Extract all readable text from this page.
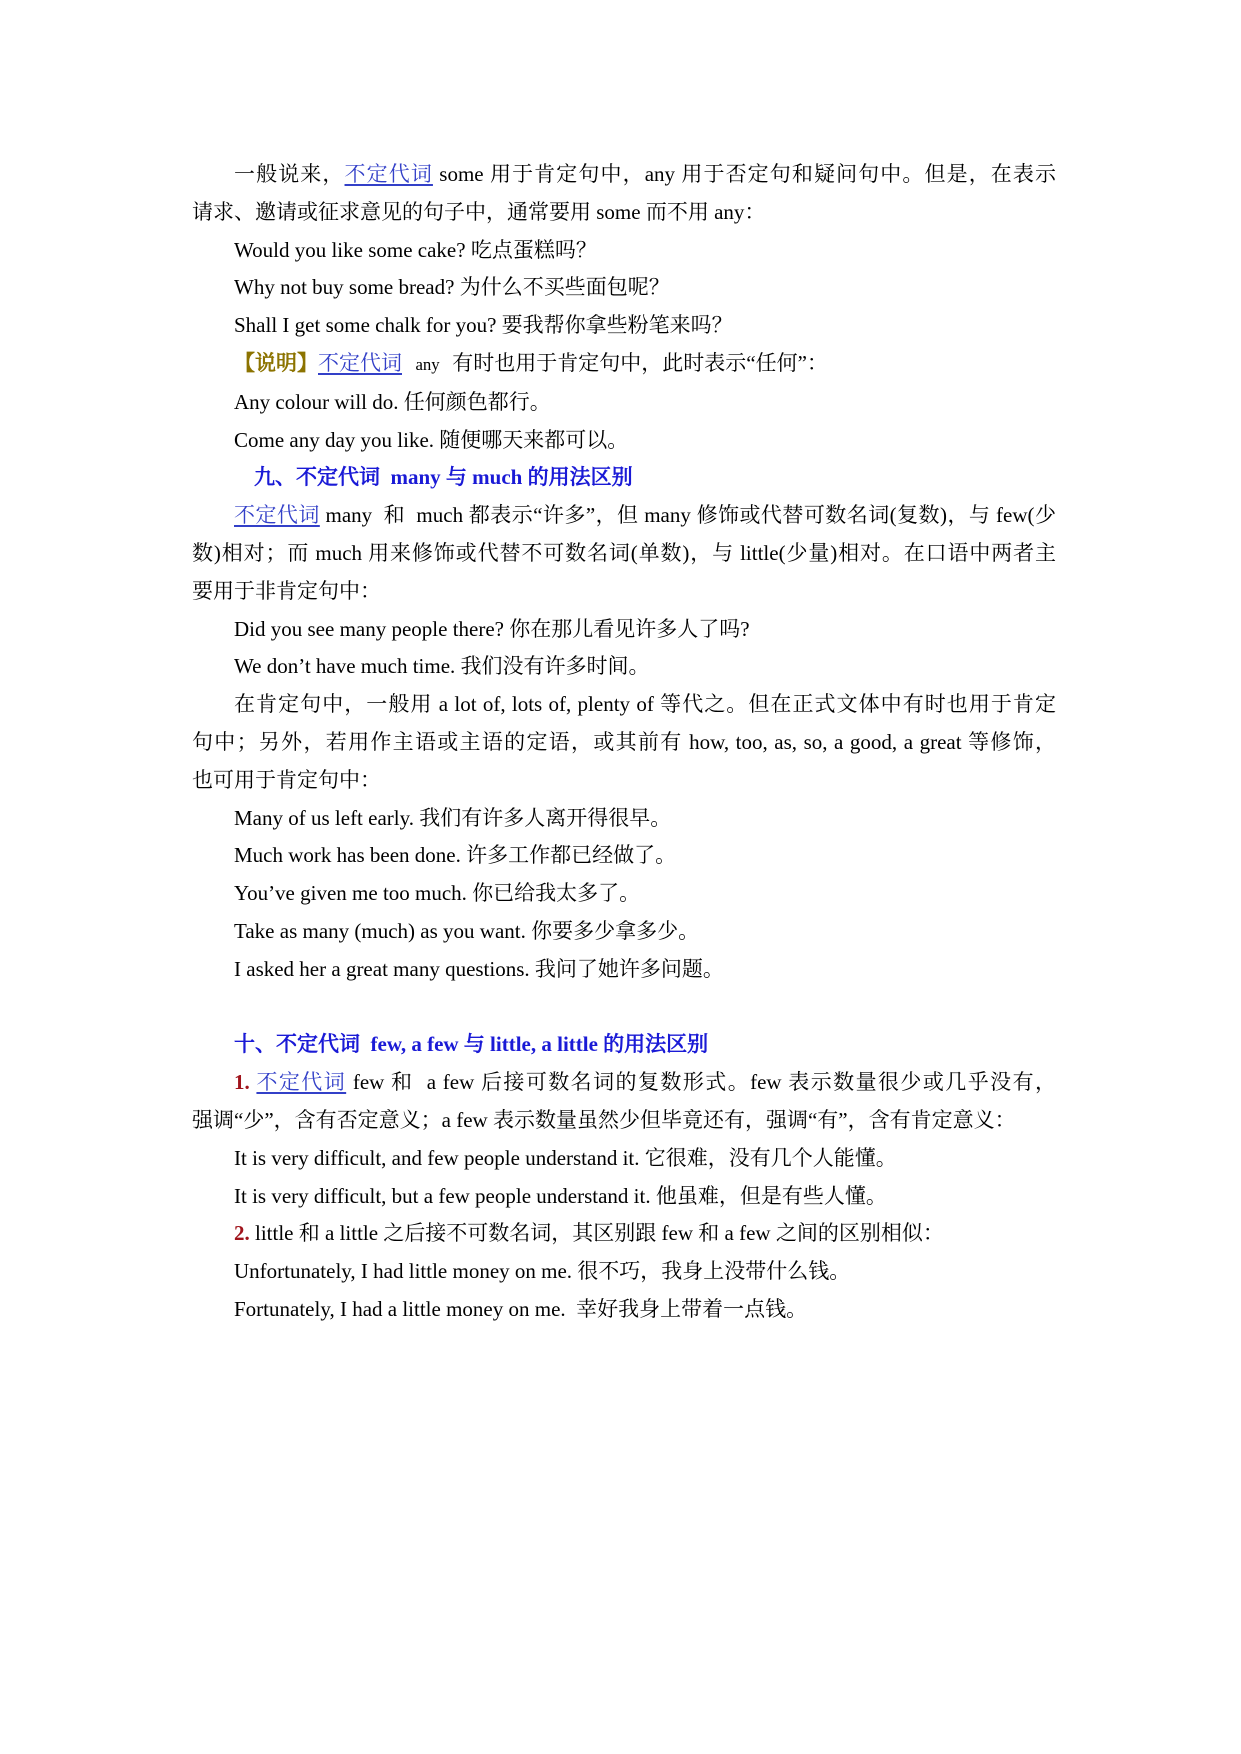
一般说来，不定代词 some 用于肯定句中，any 用于否定句和疑问句中。但是，在表示
请求、邀请或征求意见的句子中，通常要用 some 而不用 any：
Would you like some cake? 吃点蛋糕吗？
Why not buy some bread? 为什么不买些面包呢？
Shall I get some chalk for you? 要我帮你拿些粉笔来吗？
【说明】不定代词 any 有时也用于肯定句中，此时表示“任何”：
Any colour will do. 任何颜色都行。
Come any day you like. 随便哪天来都可以。
九、不定代词  many 与 much 的用法区别
不定代词 many  和  much 都表示“许多”，但 many 修饰或代替可数名词(复数)，与 few(少
数)相对；而 much 用来修饰或代替不可数名词(单数)，与 little(少量)相对。在口语中两者主
要用于非肯定句中：
Did you see many people there? 你在那儿看见许多人了吗?
We don’t have much time. 我们没有许多时间。
在肯定句中，一般用 a lot of, lots of, plenty of 等代之。但在正式文体中有时也用于肯定
句中；另外，若用作主语或主语的定语，或其前有 how, too, as, so, a good, a great 等修饰，
也可用于肯定句中：
Many of us left early. 我们有许多人离开得很早。
Much work has been done. 许多工作都已经做了。
You’ve given me too much. 你已给我太多了。
Take as many (much) as you want. 你要多少拿多少。
I asked her a great many questions. 我问了她许多问题。
十、不定代词  few, a few 与 little, a little 的用法区别
1. 不定代词 few 和  a few 后接可数名词的复数形式。few 表示数量很少或几乎没有，
强调“少”，含有否定意义；a few 表示数量虽然少但毕竟还有，强调“有”，含有肯定意义：
It is very difficult, and few people understand it. 它很难，没有几个人能懂。
It is very difficult, but a few people understand it. 他虽难，但是有些人懂。
2. little 和 a little 之后接不可数名词，其区别跟 few 和 a few 之间的区别相似：
Unfortunately, I had little money on me. 很不巧，我身上没带什么钱。
Fortunately, I had a little money on me.  幸好我身上带着一点钱。
